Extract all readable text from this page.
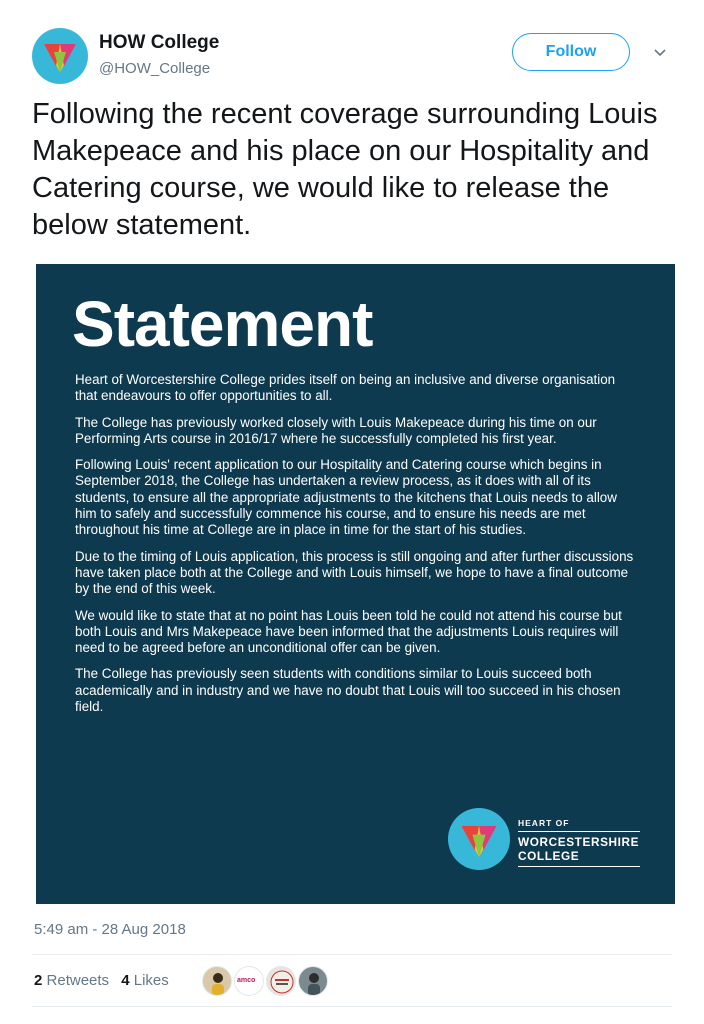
HOW College
@HOW_College
Follow

Following the recent coverage surrounding Louis Makepeace and his place on our Hospitality and Catering course, we would like to release the below statement.

Statement

Heart of Worcestershire College prides itself on being an inclusive and diverse organisation that endeavours to offer opportunities to all.

The College has previously worked closely with Louis Makepeace during his time on our Performing Arts course in 2016/17 where he successfully completed his first year.

Following Louis' recent application to our Hospitality and Catering course which begins in September 2018, the College has undertaken a review process, as it does with all of its students, to ensure all the appropriate adjustments to the kitchens that Louis needs to allow him to safely and successfully commence his course, and to ensure his needs are met throughout his time at College are in place in time for the start of his studies.

Due to the timing of Louis application, this process is still ongoing and after further discussions have taken place both at the College and with Louis himself, we hope to have a final outcome by the end of this week.

We would like to state that at no point has Louis been told he could not attend his course but both Louis and Mrs Makepeace have been informed that the adjustments Louis requires will need to be agreed before an unconditional offer can be given.

The College has previously seen students with conditions similar to Louis succeed both academically and in industry and we have no doubt that Louis will too succeed in his chosen field.

HEART OF
WORCESTERSHIRE
COLLEGE
5:49 am - 28 Aug 2018
2 Retweets 4 Likes	amco
